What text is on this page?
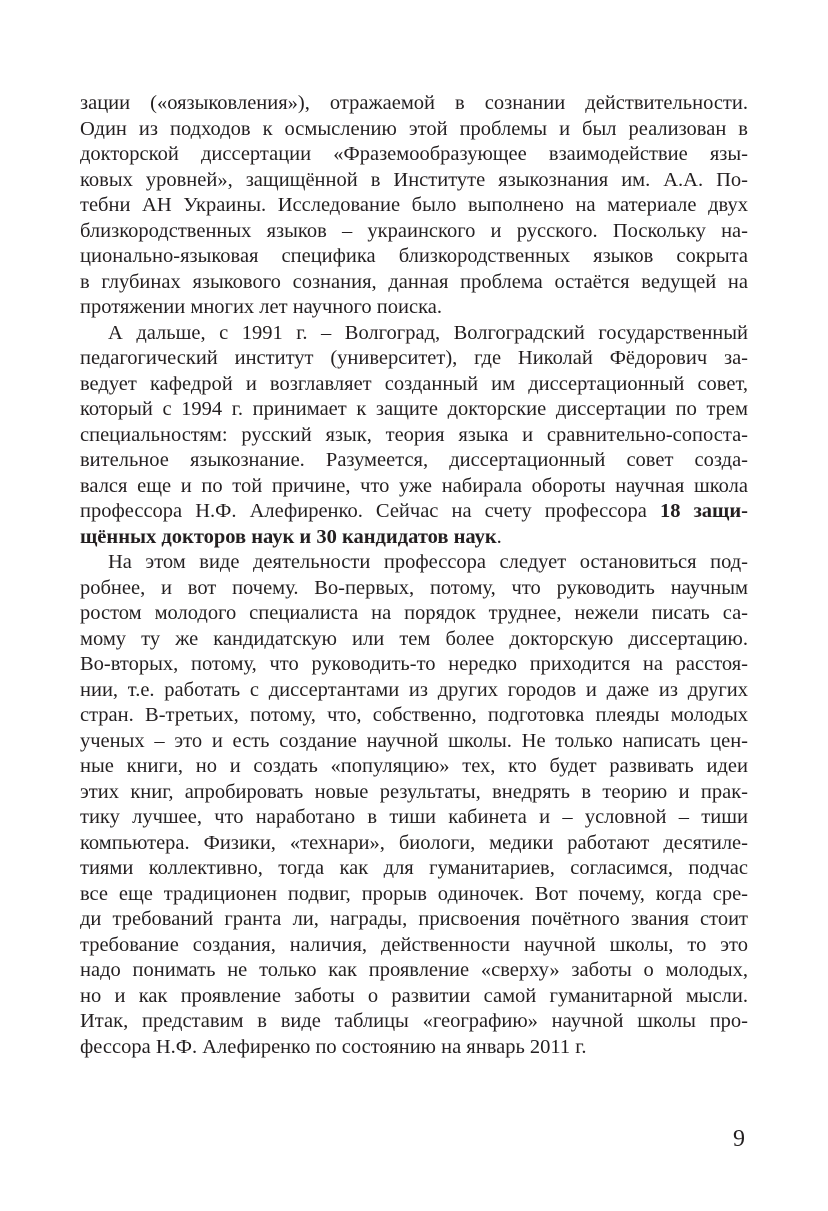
зации («оязыковления»), отражаемой в сознании действительности.
Один из подходов к осмыслению этой проблемы и был реализован в
докторской диссертации «Фраземообразующее взаимодействие язы-
ковых уровней», защищённой в Институте языкознания им. А.А. По-
тебни АН Украины. Исследование было выполнено на материале двух
близкородственных языков – украинского и русского. Поскольку на-
ционально-языковая специфика близкородственных языков сокрыта
в глубинах языкового сознания, данная проблема остаётся ведущей на
протяжении многих лет научного поиска.
А дальше, с 1991 г. – Волгоград, Волгоградский государственный
педагогический институт (университет), где Николай Фёдорович за-
ведует кафедрой и возглавляет созданный им диссертационный совет,
который с 1994 г. принимает к защите докторские диссертации по трем
специальностям: русский язык, теория языка и сравнительно-сопоста-
вительное языкознание. Разумеется, диссертационный совет созда-
вался еще и по той причине, что уже набирала обороты научная школа
профессора Н.Ф. Алефиренко. Сейчас на счету профессора 18 защи-
щённых докторов наук и 30 кандидатов наук.
На этом виде деятельности профессора следует остановиться под-
робнее, и вот почему. Во-первых, потому, что руководить научным
ростом молодого специалиста на порядок труднее, нежели писать са-
мому ту же кандидатскую или тем более докторскую диссертацию.
Во-вторых, потому, что руководить-то нередко приходится на расстоя-
нии, т.е. работать с диссертантами из других городов и даже из других
стран. В-третьих, потому, что, собственно, подготовка плеяды молодых
ученых – это и есть создание научной школы. Не только написать цен-
ные книги, но и создать «популяцию» тех, кто будет развивать идеи
этих книг, апробировать новые результаты, внедрять в теорию и прак-
тику лучшее, что наработано в тиши кабинета и – условной – тиши
компьютера. Физики, «технари», биологи, медики работают десятиле-
тиями коллективно, тогда как для гуманитариев, согласимся, подчас
все еще традиционен подвиг, прорыв одиночек. Вот почему, когда сре-
ди требований гранта ли, награды, присвоения почётного звания стоит
требование создания, наличия, действенности научной школы, то это
надо понимать не только как проявление «сверху» заботы о молодых,
но и как проявление заботы о развитии самой гуманитарной мысли.
Итак, представим в виде таблицы «географию» научной школы про-
фессора Н.Ф. Алефиренко по состоянию на январь 2011 г.
9
